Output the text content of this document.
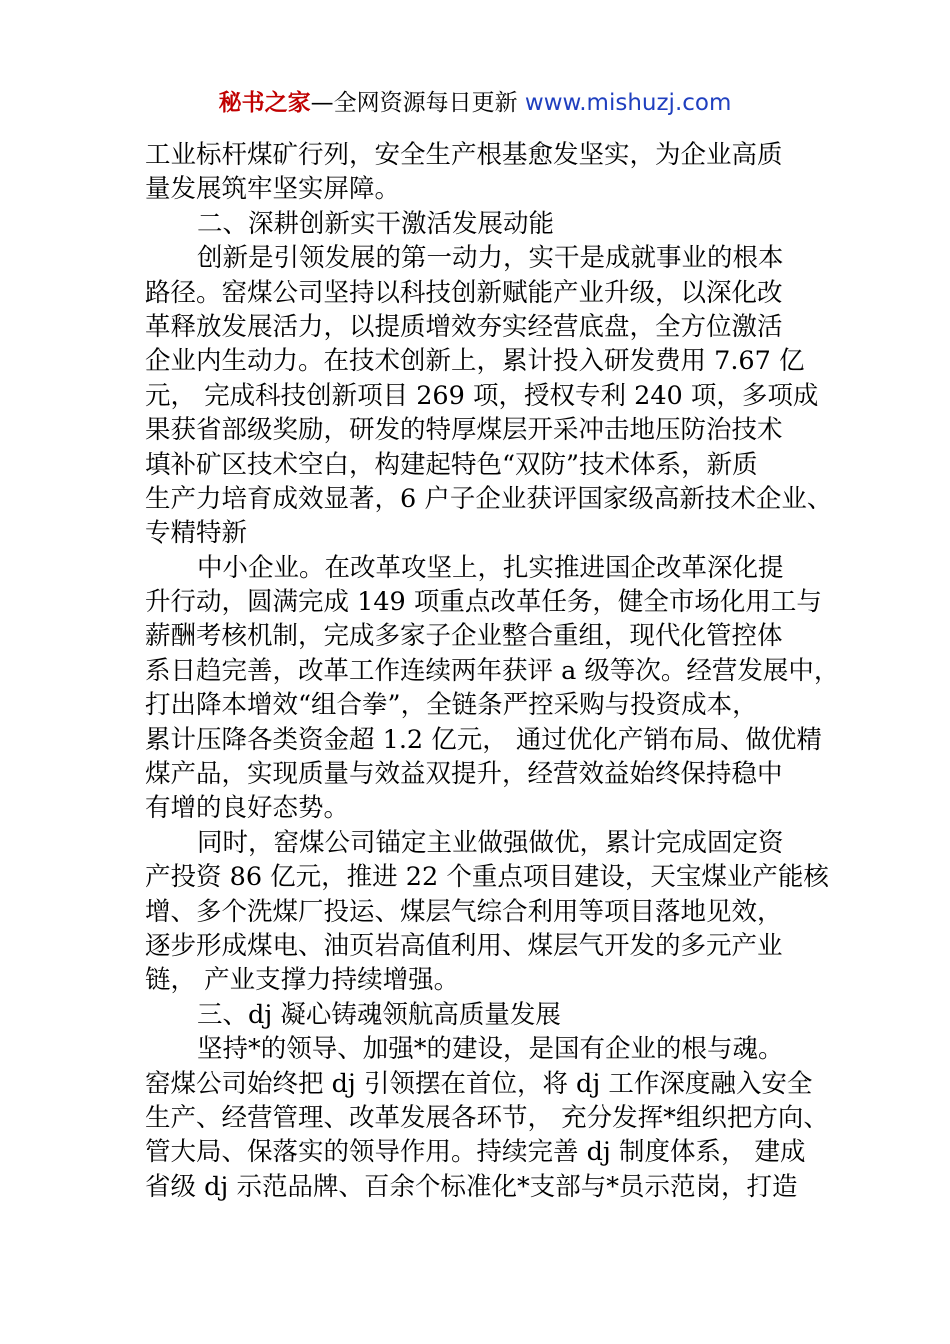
秘书之家—全网资源每日更新 www.mishuzj.com
工业标杆煤矿行列，安全生产根基愈发坚实，为企业高质
量发展筑牢坚实屏障。
二、深耕创新实干激活发展动能
创新是引领发展的第一动力，实干是成就事业的根本
路径。窑煤公司坚持以科技创新赋能产业升级，以深化改
革释放发展活力，以提质增效夯实经营底盘，全方位激活
企业内生动力。在技术创新上，累计投入研发费用 7.67 亿
元， 完成科技创新项目 269 项，授权专利 240 项，多项成
果获省部级奖励，研发的特厚煤层开采冲击地压防治技术
填补矿区技术空白，构建起特色“双防”技术体系，新质
生产力培育成效显著，6 户子企业获评国家级高新技术企业、
专精特新
中小企业。在改革攻坚上，扎实推进国企改革深化提
升行动，圆满完成 149 项重点改革任务，健全市场化用工与
薪酬考核机制，完成多家子企业整合重组，现代化管控体
系日趋完善，改革工作连续两年获评 a 级等次。经营发展中，
打出降本增效“组合拳”，全链条严控采购与投资成本，
累计压降各类资金超 1.2 亿元， 通过优化产销布局、做优精
煤产品，实现质量与效益双提升，经营效益始终保持稳中
有增的良好态势。
同时，窑煤公司锚定主业做强做优，累计完成固定资
产投资 86 亿元，推进 22 个重点项目建设，天宝煤业产能核
增、多个洗煤厂投运、煤层气综合利用等项目落地见效，
逐步形成煤电、油页岩高值利用、煤层气开发的多元产业
链， 产业支撑力持续增强。
三、dj 凝心铸魂领航高质量发展
坚持*的领导、加强*的建设，是国有企业的根与魂。
窑煤公司始终把 dj 引领摆在首位，将 dj 工作深度融入安全
生产、经营管理、改革发展各环节， 充分发挥*组织把方向、
管大局、保落实的领导作用。持续完善 dj 制度体系， 建成
省级 dj 示范品牌、百余个标准化*支部与*员示范岗，打造
